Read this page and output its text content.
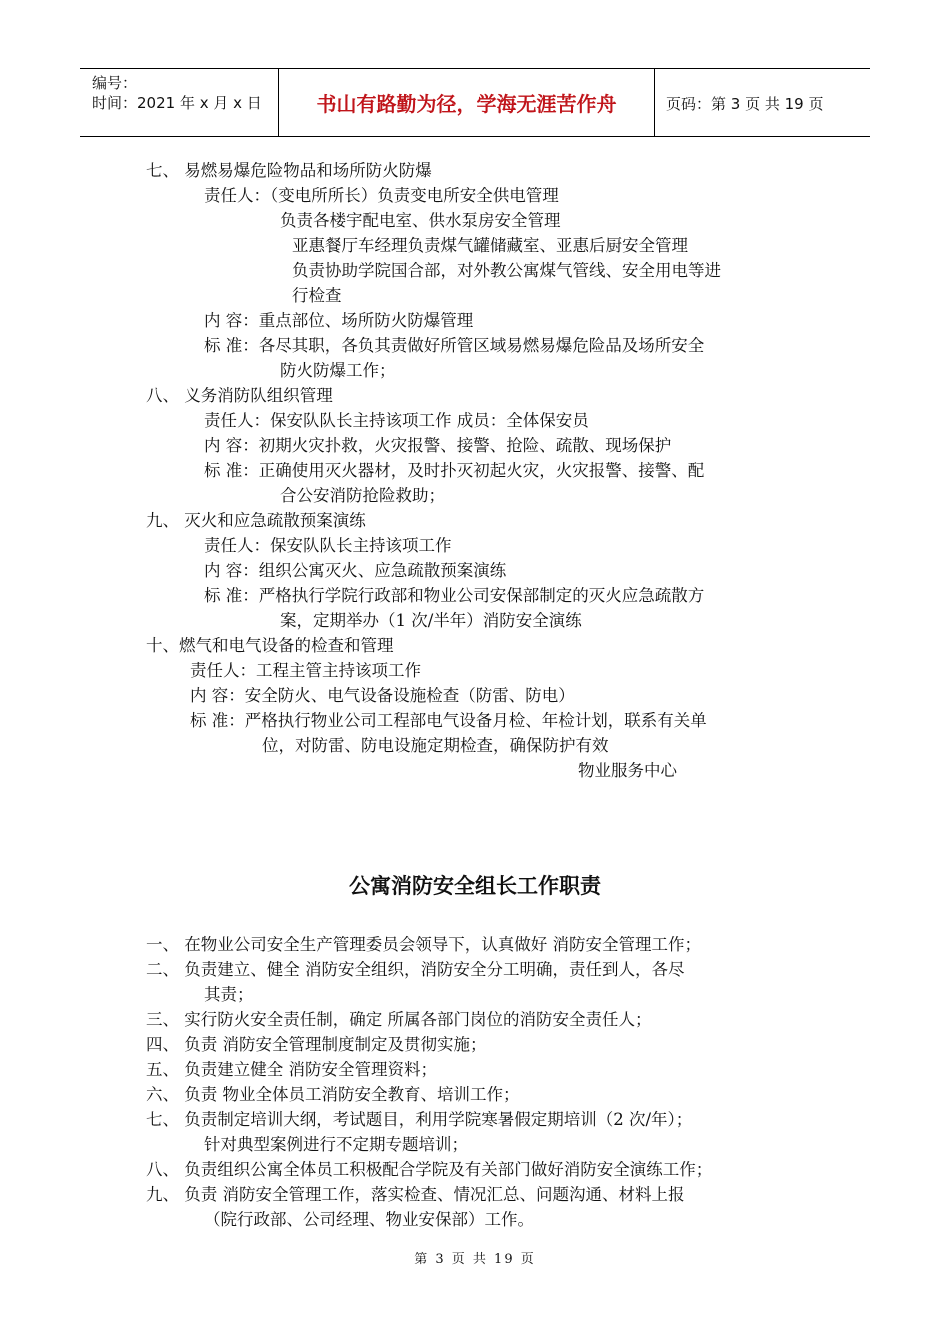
编号：
时间：2021 年 x 月 x 日	书山有路勤为径，学海无涯苦作舟	页码：第 3 页 共 19 页
七、 易燃易爆危险物品和场所防火防爆
责任人：（变电所所长）负责变电所安全供电管理
负责各楼宇配电室、供水泵房安全管理
亚惠餐厅车经理负责煤气罐储藏室、亚惠后厨安全管理
负责协助学院国合部，对外教公寓煤气管线、安全用电等进
行检查
内 容：重点部位、场所防火防爆管理
标 准：各尽其职，各负其责做好所管区域易燃易爆危险品及场所安全
防火防爆工作；
八、 义务消防队组织管理
责任人：保安队队长主持该项工作 成员：全体保安员
内 容：初期火灾扑救，火灾报警、接警、抢险、疏散、现场保护
标 准：正确使用灭火器材，及时扑灭初起火灾，火灾报警、接警、配
合公安消防抢险救助；
九、 灭火和应急疏散预案演练
责任人：保安队队长主持该项工作
内 容：组织公寓灭火、应急疏散预案演练
标 准：严格执行学院行政部和物业公司安保部制定的灭火应急疏散方
案，定期举办（1 次/半年）消防安全演练
十、燃气和电气设备的检查和管理
责任人：工程主管主持该项工作
内 容：安全防火、电气设备设施检查（防雷、防电）
标 准：严格执行物业公司工程部电气设备月检、年检计划，联系有关单
位，对防雷、防电设施定期检查，确保防护有效
物业服务中心
公寓消防安全组长工作职责
一、 在物业公司安全生产管理委员会领导下，认真做好 消防安全管理工作；
二、 负责建立、健全 消防安全组织，消防安全分工明确，责任到人，各尽
其责；
三、 实行防火安全责任制，确定 所属各部门岗位的消防安全责任人；
四、 负责 消防安全管理制度制定及贯彻实施；
五、 负责建立健全 消防安全管理资料；
六、 负责 物业全体员工消防安全教育、培训工作；
七、 负责制定培训大纲，考试题目，利用学院寒暑假定期培训（2 次/年）；
针对典型案例进行不定期专题培训；
八、 负责组织公寓全体员工积极配合学院及有关部门做好消防安全演练工作；
九、 负责 消防安全管理工作，落实检查、情况汇总、问题沟通、材料上报
（院行政部、公司经理、物业安保部）工作。
第 3 页 共 19 页
